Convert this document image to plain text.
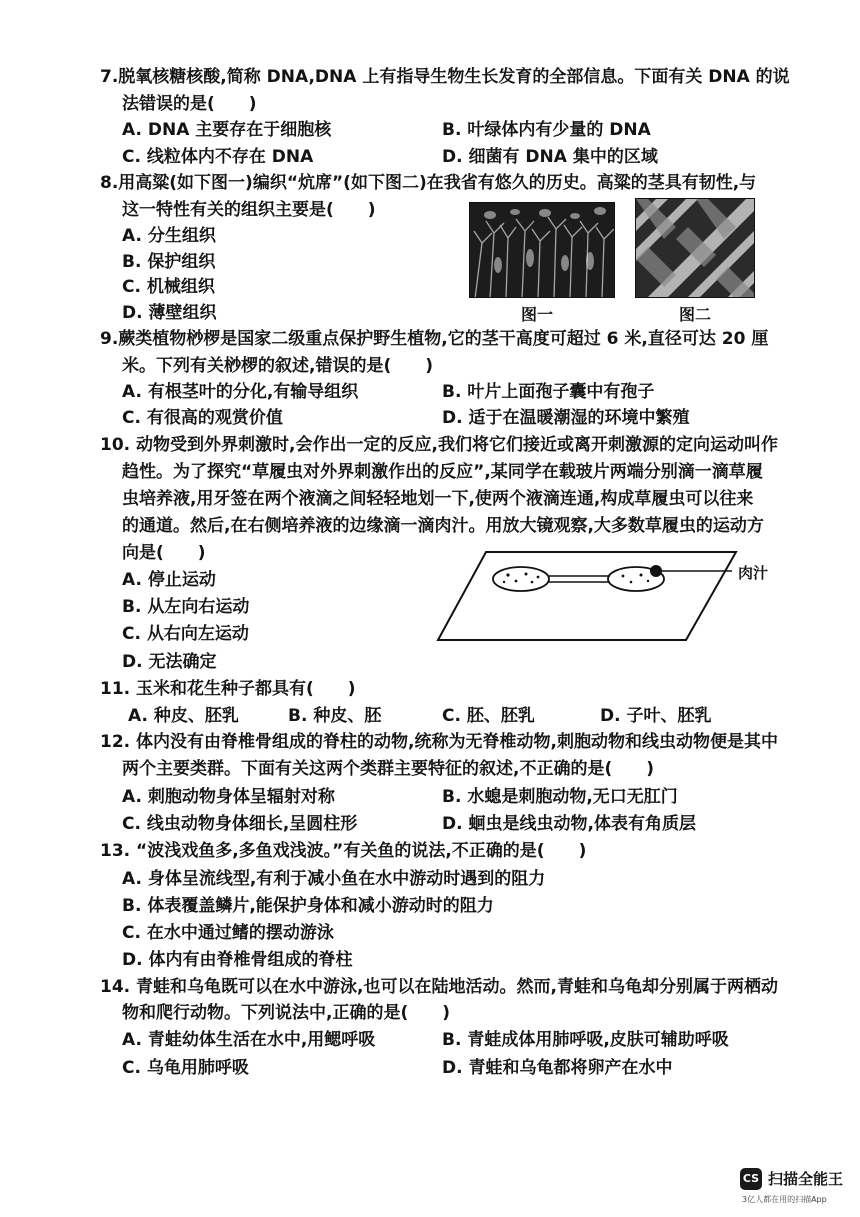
7.脱氧核糖核酸,简称 DNA,DNA 上有指导生物生长发育的全部信息。下面有关 DNA 的说
法错误的是(　　)
A. DNA 主要存在于细胞核	B. 叶绿体内有少量的 DNA
C. 线粒体内不存在 DNA	D. 细菌有 DNA 集中的区域
8.用高粱(如下图一)编织“炕席”(如下图二)在我省有悠久的历史。高粱的茎具有韧性,与
这一特性有关的组织主要是(　　)
A. 分生组织
B. 保护组织
C. 机械组织
D. 薄壁组织	图一	图二
9.蕨类植物桫椤是国家二级重点保护野生植物,它的茎干高度可超过 6 米,直径可达 20 厘
米。下列有关桫椤的叙述,错误的是(　　)
A. 有根茎叶的分化,有输导组织	B. 叶片上面孢子囊中有孢子
C. 有很高的观赏价值	D. 适于在温暖潮湿的环境中繁殖
10. 动物受到外界刺激时,会作出一定的反应,我们将它们接近或离开刺激源的定向运动叫作
趋性。为了探究“草履虫对外界刺激作出的反应”,某同学在载玻片两端分别滴一滴草履
虫培养液,用牙签在两个液滴之间轻轻地划一下,使两个液滴连通,构成草履虫可以往来
的通道。然后,在右侧培养液的边缘滴一滴肉汁。用放大镜观察,大多数草履虫的运动方
向是(　　)
A. 停止运动
B. 从左向右运动
C. 从右向左运动
D. 无法确定
肉汁
11. 玉米和花生种子都具有(　　)
A. 种皮、胚乳	B. 种皮、胚	C. 胚、胚乳	D. 子叶、胚乳
12. 体内没有由脊椎骨组成的脊柱的动物,统称为无脊椎动物,刺胞动物和线虫动物便是其中
两个主要类群。下面有关这两个类群主要特征的叙述,不正确的是(　　)
A. 刺胞动物身体呈辐射对称	B. 水螅是刺胞动物,无口无肛门
C. 线虫动物身体细长,呈圆柱形	D. 蛔虫是线虫动物,体表有角质层
13. “波浅戏鱼多,多鱼戏浅波。”有关鱼的说法,不正确的是(　　)
A. 身体呈流线型,有利于减小鱼在水中游动时遇到的阻力
B. 体表覆盖鳞片,能保护身体和减小游动时的阻力
C. 在水中通过鳍的摆动游泳
D. 体内有由脊椎骨组成的脊柱
14. 青蛙和乌龟既可以在水中游泳,也可以在陆地活动。然而,青蛙和乌龟却分别属于两栖动
物和爬行动物。下列说法中,正确的是(　　)
A. 青蛙幼体生活在水中,用鳃呼吸	B. 青蛙成体用肺呼吸,皮肤可辅助呼吸
C. 乌龟用肺呼吸	D. 青蛙和乌龟都将卵产在水中
CS 扫描全能王
3亿人都在用的扫描App
